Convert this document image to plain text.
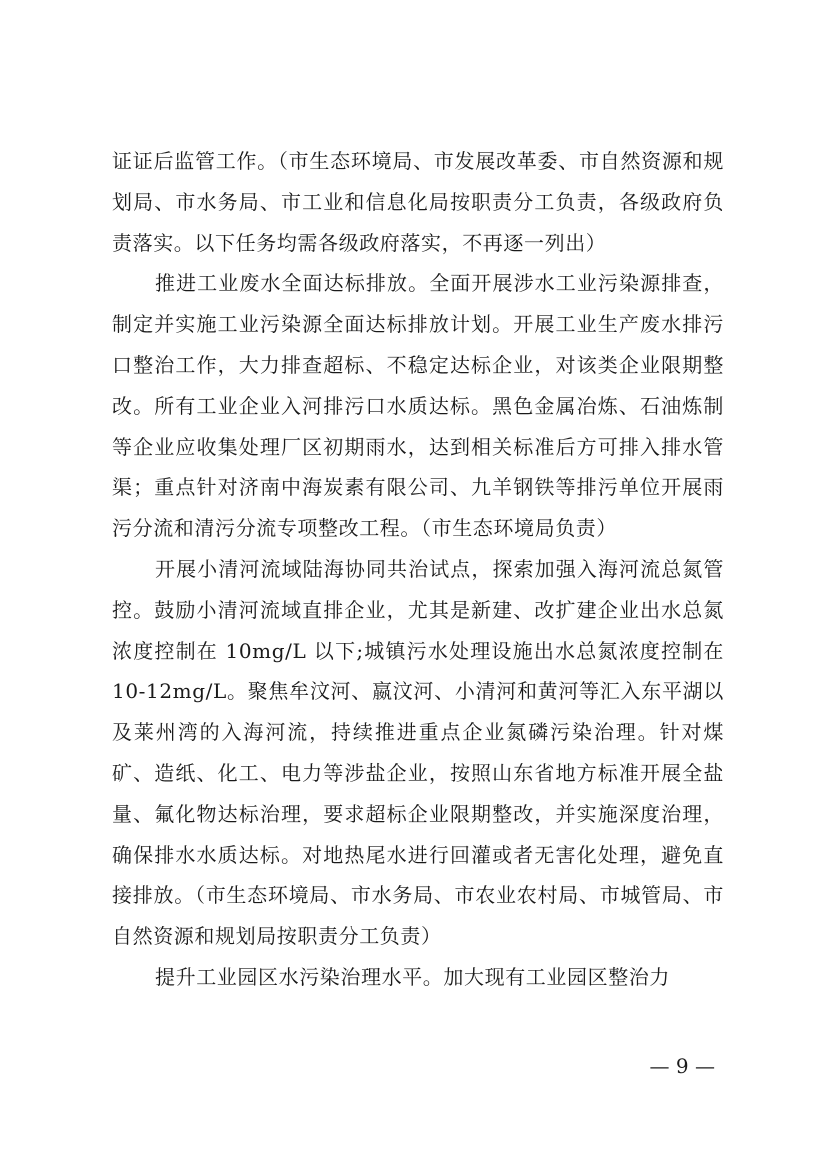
证证后监管工作。（市生态环境局、市发展改革委、市自然资源和规划局、市水务局、市工业和信息化局按职责分工负责，各级政府负责落实。以下任务均需各级政府落实，不再逐一列出）

推进工业废水全面达标排放。全面开展涉水工业污染源排查，制定并实施工业污染源全面达标排放计划。开展工业生产废水排污口整治工作，大力排查超标、不稳定达标企业，对该类企业限期整改。所有工业企业入河排污口水质达标。黑色金属冶炼、石油炼制等企业应收集处理厂区初期雨水，达到相关标准后方可排入排水管渠；重点针对济南中海炭素有限公司、九羊钢铁等排污单位开展雨污分流和清污分流专项整改工程。（市生态环境局负责）

开展小清河流域陆海协同共治试点，探索加强入海河流总氮管控。鼓励小清河流域直排企业，尤其是新建、改扩建企业出水总氮浓度控制在 10mg/L 以下;城镇污水处理设施出水总氮浓度控制在 10-12mg/L。聚焦牟汶河、嬴汶河、小清河和黄河等汇入东平湖以及莱州湾的入海河流，持续推进重点企业氮磷污染治理。针对煤矿、造纸、化工、电力等涉盐企业，按照山东省地方标准开展全盐量、氟化物达标治理，要求超标企业限期整改，并实施深度治理，确保排水水质达标。对地热尾水进行回灌或者无害化处理，避免直接排放。（市生态环境局、市水务局、市农业农村局、市城管局、市自然资源和规划局按职责分工负责）

提升工业园区水污染治理水平。加大现有工业园区整治力

— 9 —
